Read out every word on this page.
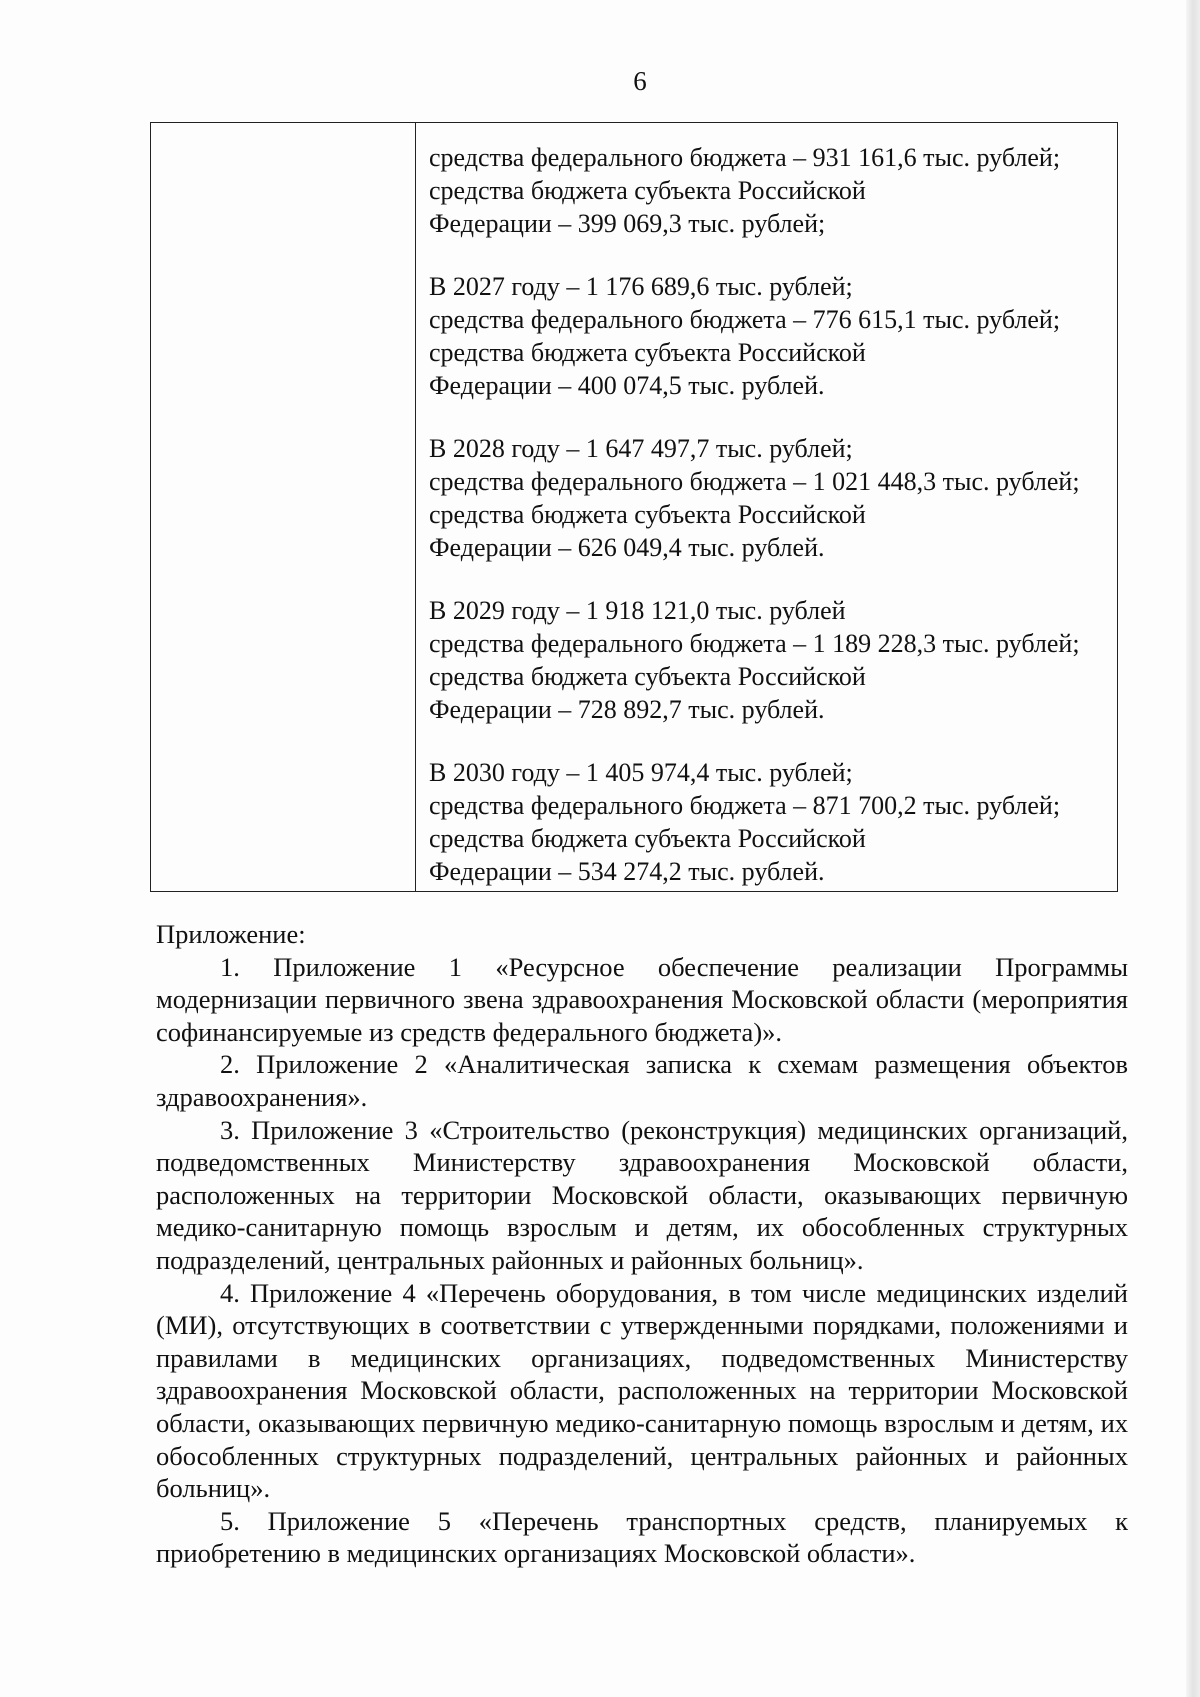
6
средства федерального бюджета – 931 161,6 тыс. рублей;
средства бюджета субъекта Российской
Федерации – 399 069,3 тыс. рублей;
В 2027 году – 1 176 689,6 тыс. рублей;
средства федерального бюджета – 776 615,1 тыс. рублей;
средства бюджета субъекта Российской
Федерации – 400 074,5 тыс. рублей.
В 2028 году – 1 647 497,7 тыс. рублей;
средства федерального бюджета – 1 021 448,3 тыс. рублей;
средства бюджета субъекта Российской
Федерации – 626 049,4 тыс. рублей.
В 2029 году – 1 918 121,0 тыс. рублей
средства федерального бюджета – 1 189 228,3 тыс. рублей;
средства бюджета субъекта Российской
Федерации – 728 892,7 тыс. рублей.
В 2030 году – 1 405 974,4 тыс. рублей;
средства федерального бюджета – 871 700,2 тыс. рублей;
средства бюджета субъекта Российской
Федерации – 534 274,2 тыс. рублей.
Приложение:

1. Приложение 1 «Ресурсное обеспечение реализации Программы модернизации первичного звена здравоохранения Московской области (мероприятия софинансируемые из средств федерального бюджета)».

2. Приложение 2 «Аналитическая записка к схемам размещения объектов здравоохранения».

3. Приложение 3 «Строительство (реконструкция) медицинских организаций, подведомственных Министерству здравоохранения Московской области, расположенных на территории Московской области, оказывающих первичную медико-санитарную помощь взрослым и детям, их обособленных структурных подразделений, центральных районных и районных больниц».

4. Приложение 4 «Перечень оборудования, в том числе медицинских изделий (МИ), отсутствующих в соответствии с утвержденными порядками, положениями и правилами в медицинских организациях, подведомственных Министерству здравоохранения Московской области, расположенных на территории Московской области, оказывающих первичную медико-санитарную помощь взрослым и детям, их обособленных структурных подразделений, центральных районных и районных больниц».

5. Приложение 5 «Перечень транспортных средств, планируемых к приобретению в медицинских организациях Московской области».
